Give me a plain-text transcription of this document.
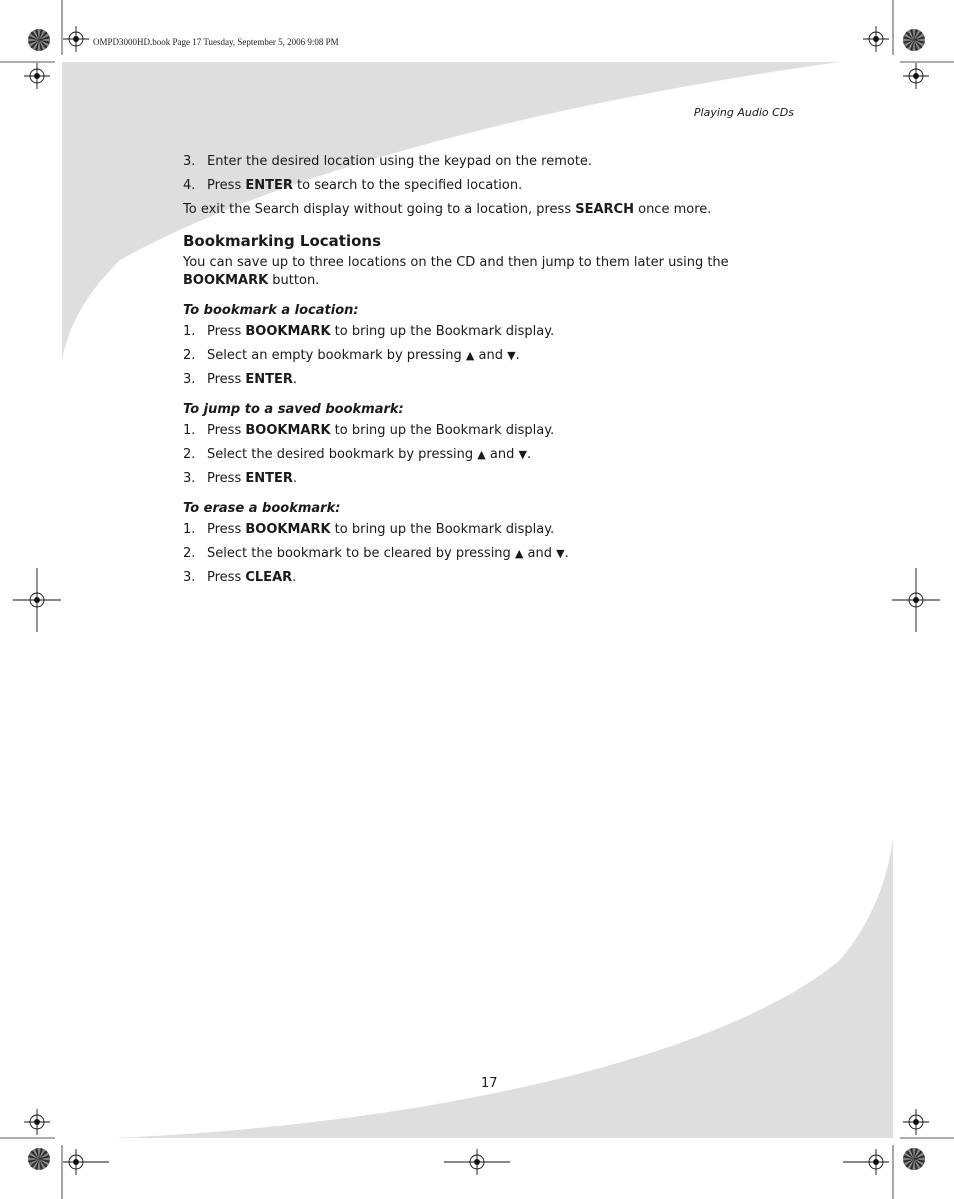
OMPD3000HD.book Page 17 Tuesday, September 5, 2006 9:08 PM
Playing Audio CDs
3. Enter the desired location using the keypad on the remote.
4. Press ENTER to search to the specified location.

To exit the Search display without going to a location, press SEARCH once more.

Bookmarking Locations

You can save up to three locations on the CD and then jump to them later using the BOOKMARK button.

To bookmark a location:
1. Press BOOKMARK to bring up the Bookmark display.
2. Select an empty bookmark by pressing ▲ and ▼.
3. Press ENTER.
To jump to a saved bookmark:
1. Press BOOKMARK to bring up the Bookmark display.
2. Select the desired bookmark by pressing ▲ and ▼.
3. Press ENTER.
To erase a bookmark:
1. Press BOOKMARK to bring up the Bookmark display.
2. Select the bookmark to be cleared by pressing ▲ and ▼.
3. Press CLEAR.
17
